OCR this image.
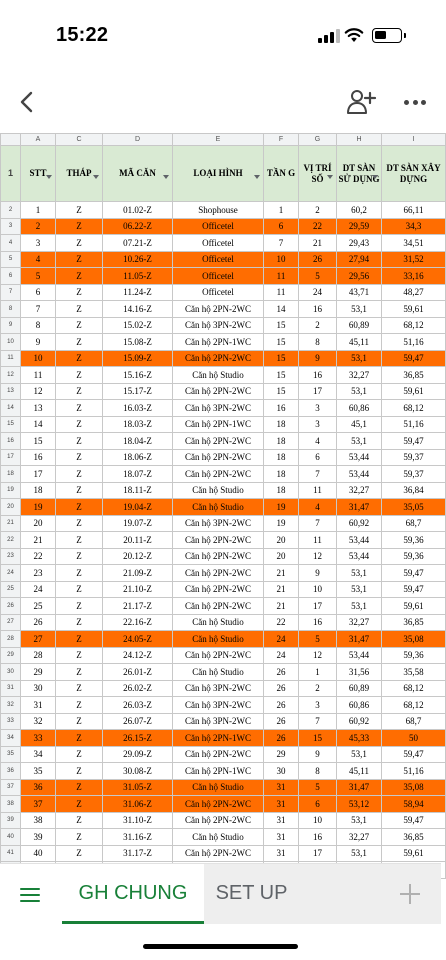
15:22
	A	C	D	E	F	G	H	I
1	STT	THÁP	MÃ CĂN	LOẠI HÌNH	TẦN G	VỊ TRÍ SỐ	DT SÀN SỬ DỤNG	DT SÀN XÂY DỰNG
2	1	Z	01.02-Z	Shophouse	1	2	60,2	66,11
3	2	Z	06.22-Z	Officetel	6	22	29,59	34,3
4	3	Z	07.21-Z	Officetel	7	21	29,43	34,51
5	4	Z	10.26-Z	Officetel	10	26	27,94	31,52
6	5	Z	11.05-Z	Officetel	11	5	29,56	33,16
7	6	Z	11.24-Z	Officetel	11	24	43,71	48,27
8	7	Z	14.16-Z	Căn hộ 2PN-2WC	14	16	53,1	59,61
9	8	Z	15.02-Z	Căn hộ 3PN-2WC	15	2	60,89	68,12
10	9	Z	15.08-Z	Căn hộ 2PN-1WC	15	8	45,11	51,16
11	10	Z	15.09-Z	Căn hộ 2PN-2WC	15	9	53,1	59,47
12	11	Z	15.16-Z	Căn hộ Studio	15	16	32,27	36,85
13	12	Z	15.17-Z	Căn hộ 2PN-2WC	15	17	53,1	59,61
14	13	Z	16.03-Z	Căn hộ 3PN-2WC	16	3	60,86	68,12
15	14	Z	18.03-Z	Căn hộ 2PN-1WC	18	3	45,1	51,16
16	15	Z	18.04-Z	Căn hộ 2PN-2WC	18	4	53,1	59,47
17	16	Z	18.06-Z	Căn hộ 2PN-2WC	18	6	53,44	59,37
18	17	Z	18.07-Z	Căn hộ 2PN-2WC	18	7	53,44	59,37
19	18	Z	18.11-Z	Căn hộ Studio	18	11	32,27	36,84
20	19	Z	19.04-Z	Căn hộ Studio	19	4	31,47	35,05
21	20	Z	19.07-Z	Căn hộ 3PN-2WC	19	7	60,92	68,7
22	21	Z	20.11-Z	Căn hộ 2PN-2WC	20	11	53,44	59,36
23	22	Z	20.12-Z	Căn hộ 2PN-2WC	20	12	53,44	59,36
24	23	Z	21.09-Z	Căn hộ 2PN-2WC	21	9	53,1	59,47
25	24	Z	21.10-Z	Căn hộ 2PN-2WC	21	10	53,1	59,47
26	25	Z	21.17-Z	Căn hộ 2PN-2WC	21	17	53,1	59,61
27	26	Z	22.16-Z	Căn hộ Studio	22	16	32,27	36,85
28	27	Z	24.05-Z	Căn hộ Studio	24	5	31,47	35,08
29	28	Z	24.12-Z	Căn hộ 2PN-2WC	24	12	53,44	59,36
30	29	Z	26.01-Z	Căn hộ Studio	26	1	31,56	35,58
31	30	Z	26.02-Z	Căn hộ 3PN-2WC	26	2	60,89	68,12
32	31	Z	26.03-Z	Căn hộ 3PN-2WC	26	3	60,86	68,12
33	32	Z	26.07-Z	Căn hộ 3PN-2WC	26	7	60,92	68,7
34	33	Z	26.15-Z	Căn hộ 2PN-1WC	26	15	45,33	50
35	34	Z	29.09-Z	Căn hộ 2PN-2WC	29	9	53,1	59,47
36	35	Z	30.08-Z	Căn hộ 2PN-1WC	30	8	45,11	51,16
37	36	Z	31.05-Z	Căn hộ Studio	31	5	31,47	35,08
38	37	Z	31.06-Z	Căn hộ 2PN-2WC	31	6	53,12	58,94
39	38	Z	31.10-Z	Căn hộ 2PN-2WC	31	10	53,1	59,47
40	39	Z	31.16-Z	Căn hộ Studio	31	16	32,27	36,85
41	40	Z	31.17-Z	Căn hộ 2PN-2WC	31	17	53,1	59,61

GH CHUNG	SET UP
